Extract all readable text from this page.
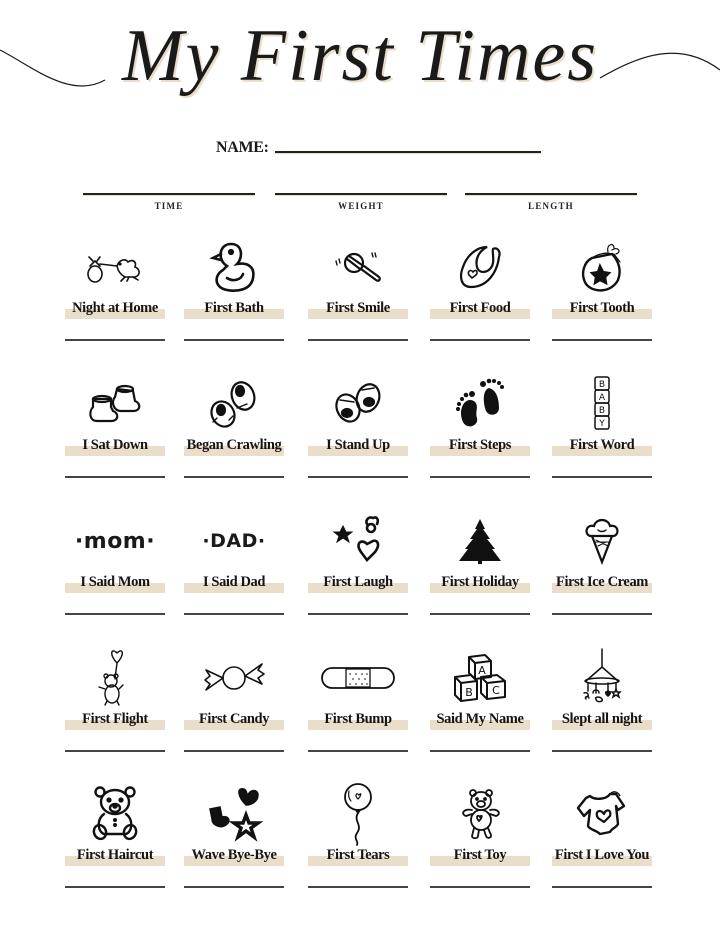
My First Times
NAME:
TIME	WEIGHT	LENGTH
Night at Home	First Bath	First Smile	First Food	First Tooth
I Sat Down	Began Crawling	I Stand Up	First Steps
B
A
B
Y
First Word
·mom·
I Said Mom
·DAD·
I Said Dad	First Laugh	First Holiday	First Ice Cream
First Flight	First Candy	First Bump
A
B C
Said My Name	Slept all night
First Haircut	Wave Bye-Bye	First Tears	First Toy	First I Love You
